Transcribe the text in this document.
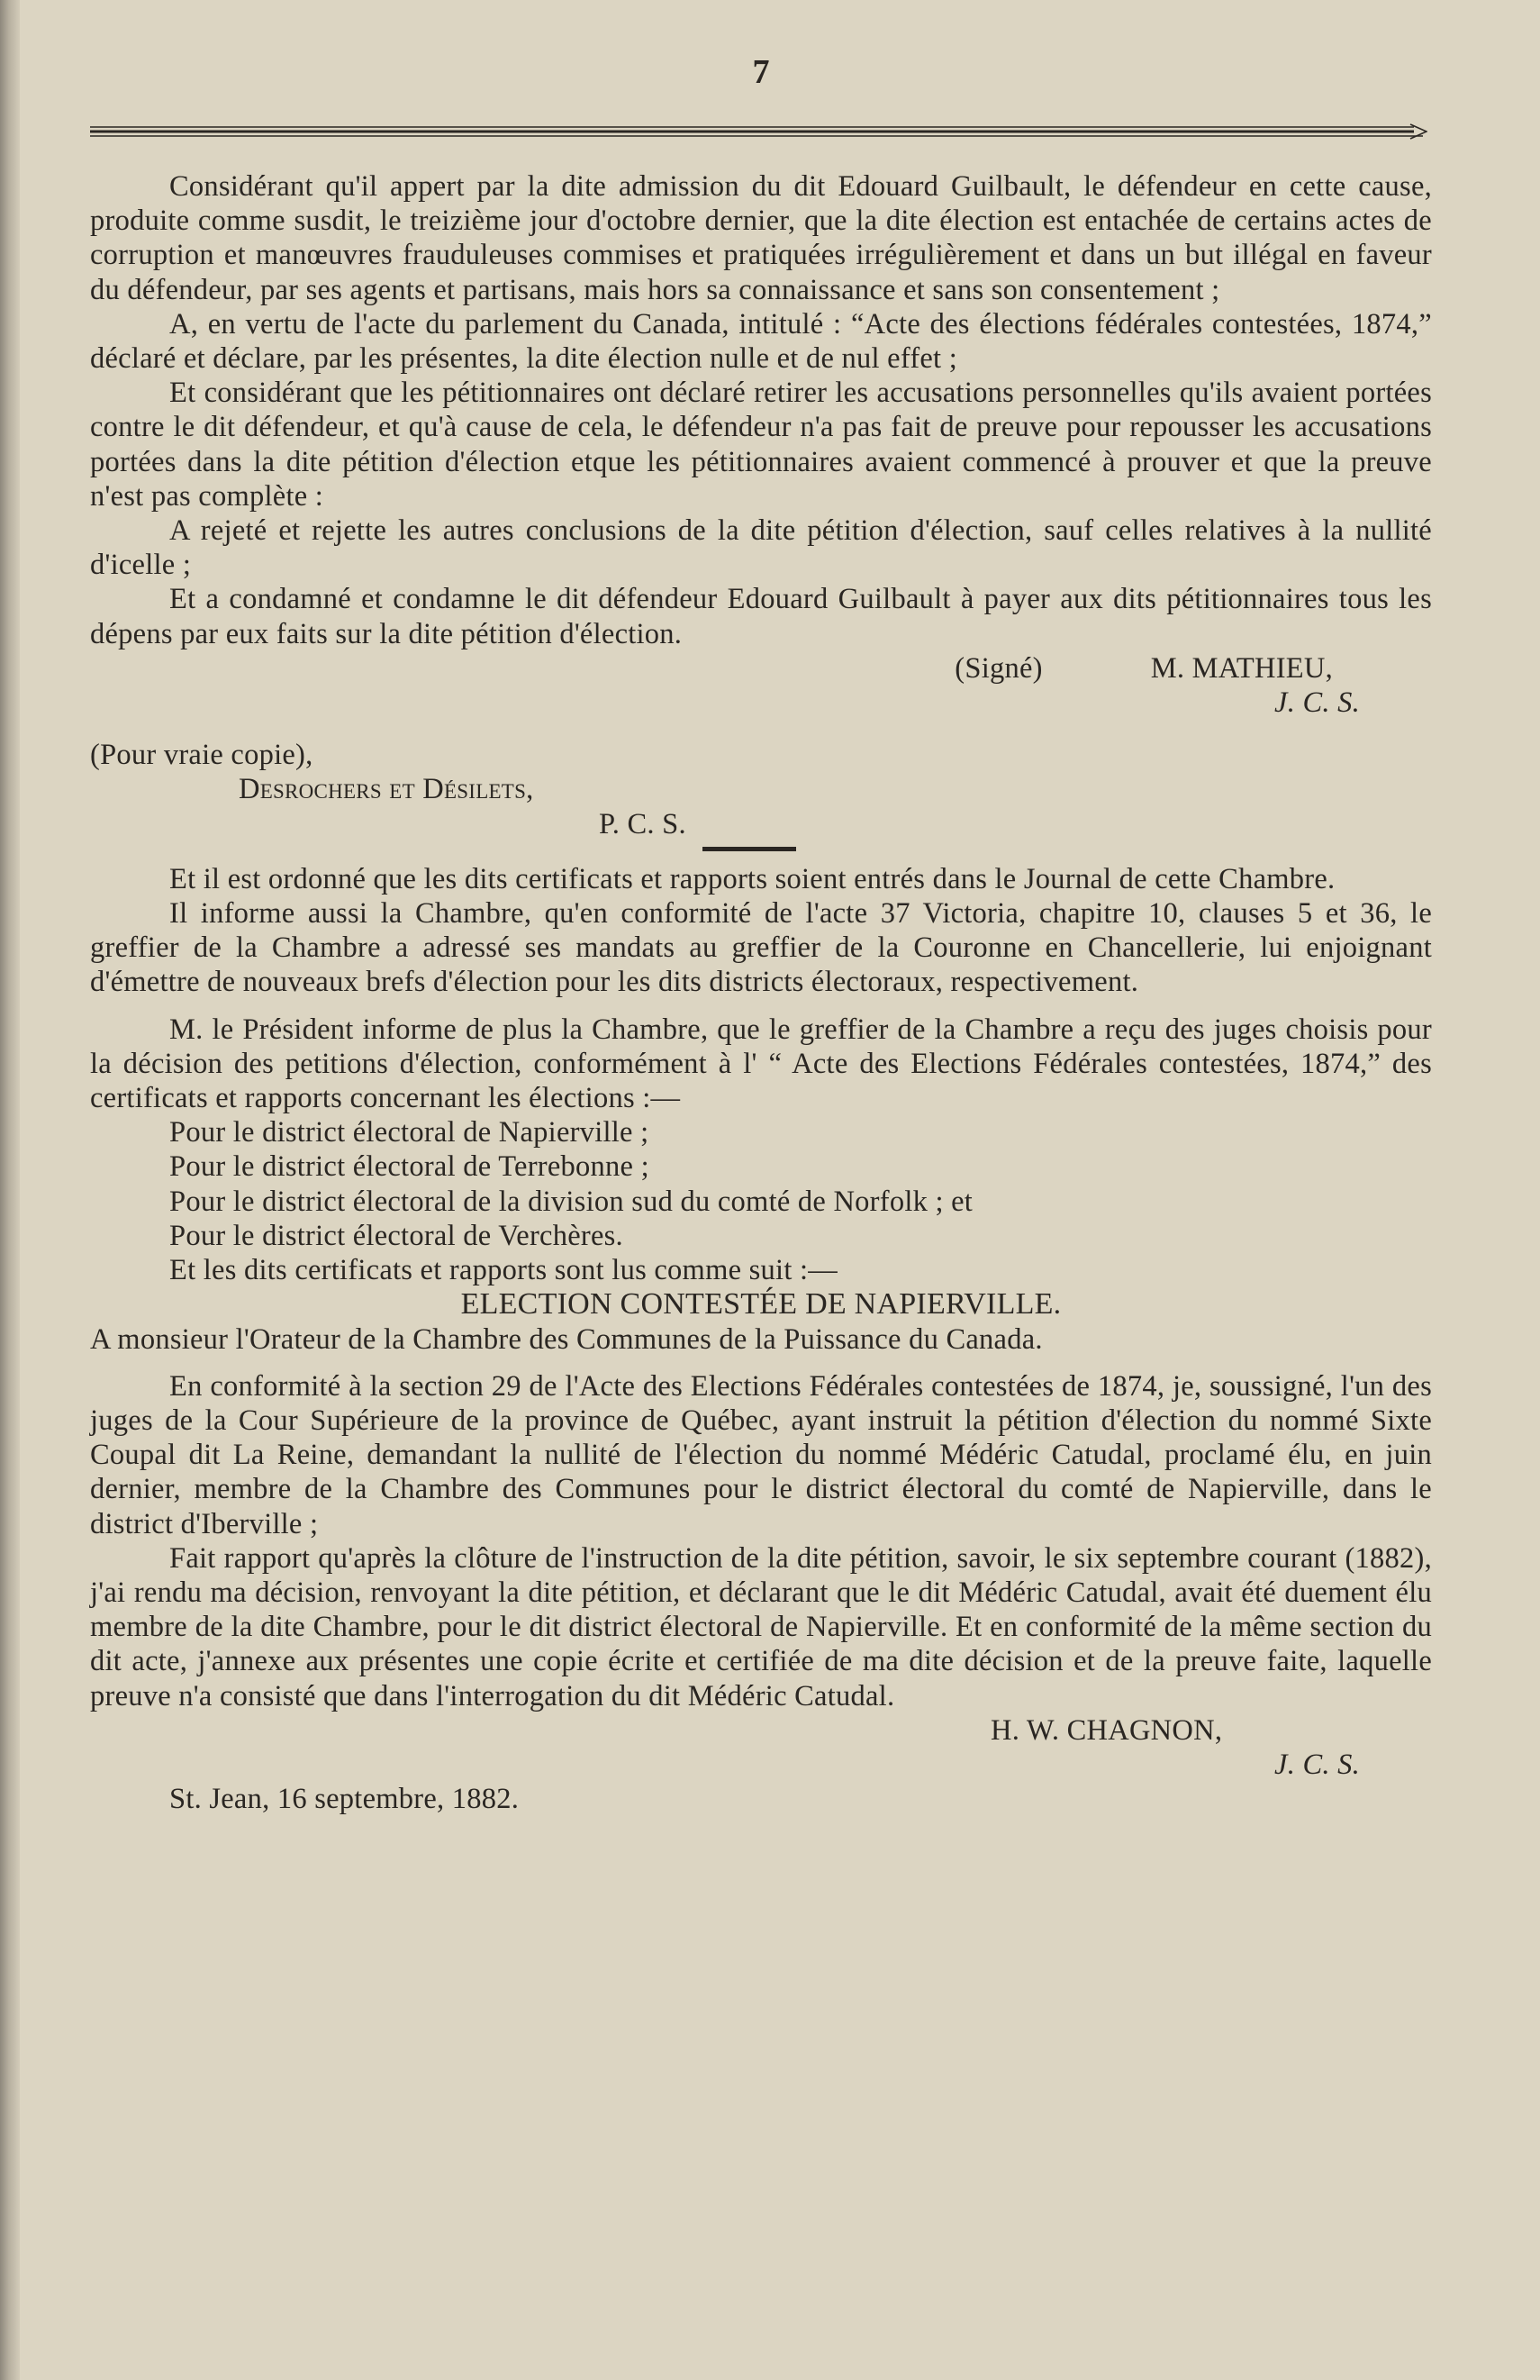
7

Considérant qu'il appert par la dite admission du dit Edouard Guilbault, le défendeur en cette cause, produite comme susdit, le treizième jour d'octobre dernier, que la dite élection est entachée de certains actes de corruption et manœuvres frauduleuses commises et pratiquées irrégulièrement et dans un but illégal en faveur du défendeur, par ses agents et partisans, mais hors sa connaissance et sans son consentement ;

A, en vertu de l'acte du parlement du Canada, intitulé : “Acte des élections fédérales contestées, 1874,” déclaré et déclare, par les présentes, la dite élection nulle et de nul effet ;

Et considérant que les pétitionnaires ont déclaré retirer les accusations personnelles qu'ils avaient portées contre le dit défendeur, et qu'à cause de cela, le défendeur n'a pas fait de preuve pour repousser les accusations portées dans la dite pétition d'élection etque les pétitionnaires avaient commencé à prouver et que la preuve n'est pas complète :

A rejeté et rejette les autres conclusions de la dite pétition d'élection, sauf celles relatives à la nullité d'icelle ;

Et a condamné et condamne le dit défendeur Edouard Guilbault à payer aux dits pétitionnaires tous les dépens par eux faits sur la dite pétition d'élection.

(Signé)	M. MATHIEU,

J. C. S.

(Pour vraie copie),

Desrochers et Désilets,

P. C. S.

Et il est ordonné que les dits certificats et rapports soient entrés dans le Journal de cette Chambre.

Il informe aussi la Chambre, qu'en conformité de l'acte 37 Victoria, chapitre 10, clauses 5 et 36, le greffier de la Chambre a adressé ses mandats au greffier de la Couronne en Chancellerie, lui enjoignant d'émettre de nouveaux brefs d'élection pour les dits districts électoraux, respectivement.

M. le Président informe de plus la Chambre, que le greffier de la Chambre a reçu des juges choisis pour la décision des petitions d'élection, conformément à l' “ Acte des Elections Fédérales contestées, 1874,” des certificats et rapports concernant les élections :—

Pour le district électoral de Napierville ;

Pour le district électoral de Terrebonne ;

Pour le district électoral de la division sud du comté de Norfolk ; et

Pour le district électoral de Verchères.

Et les dits certificats et rapports sont lus comme suit :—

ELECTION CONTESTÉE DE NAPIERVILLE.

A monsieur l'Orateur de la Chambre des Communes de la Puissance du Canada.

En conformité à la section 29 de l'Acte des Elections Fédérales contestées de 1874, je, soussigné, l'un des juges de la Cour Supérieure de la province de Québec, ayant instruit la pétition d'élection du nommé Sixte Coupal dit La Reine, demandant la nullité de l'élection du nommé Médéric Catudal, proclamé élu, en juin dernier, membre de la Chambre des Communes pour le district électoral du comté de Napierville, dans le district d'Iberville ;

Fait rapport qu'après la clôture de l'instruction de la dite pétition, savoir, le six septembre courant (1882), j'ai rendu ma décision, renvoyant la dite pétition, et déclarant que le dit Médéric Catudal, avait été duement élu membre de la dite Chambre, pour le dit district électoral de Napierville. Et en conformité de la même section du dit acte, j'annexe aux présentes une copie écrite et certifiée de ma dite décision et de la preuve faite, laquelle preuve n'a consisté que dans l'interrogation du dit Médéric Catudal.

H. W. CHAGNON,

J. C. S.

St. Jean, 16 septembre, 1882.
